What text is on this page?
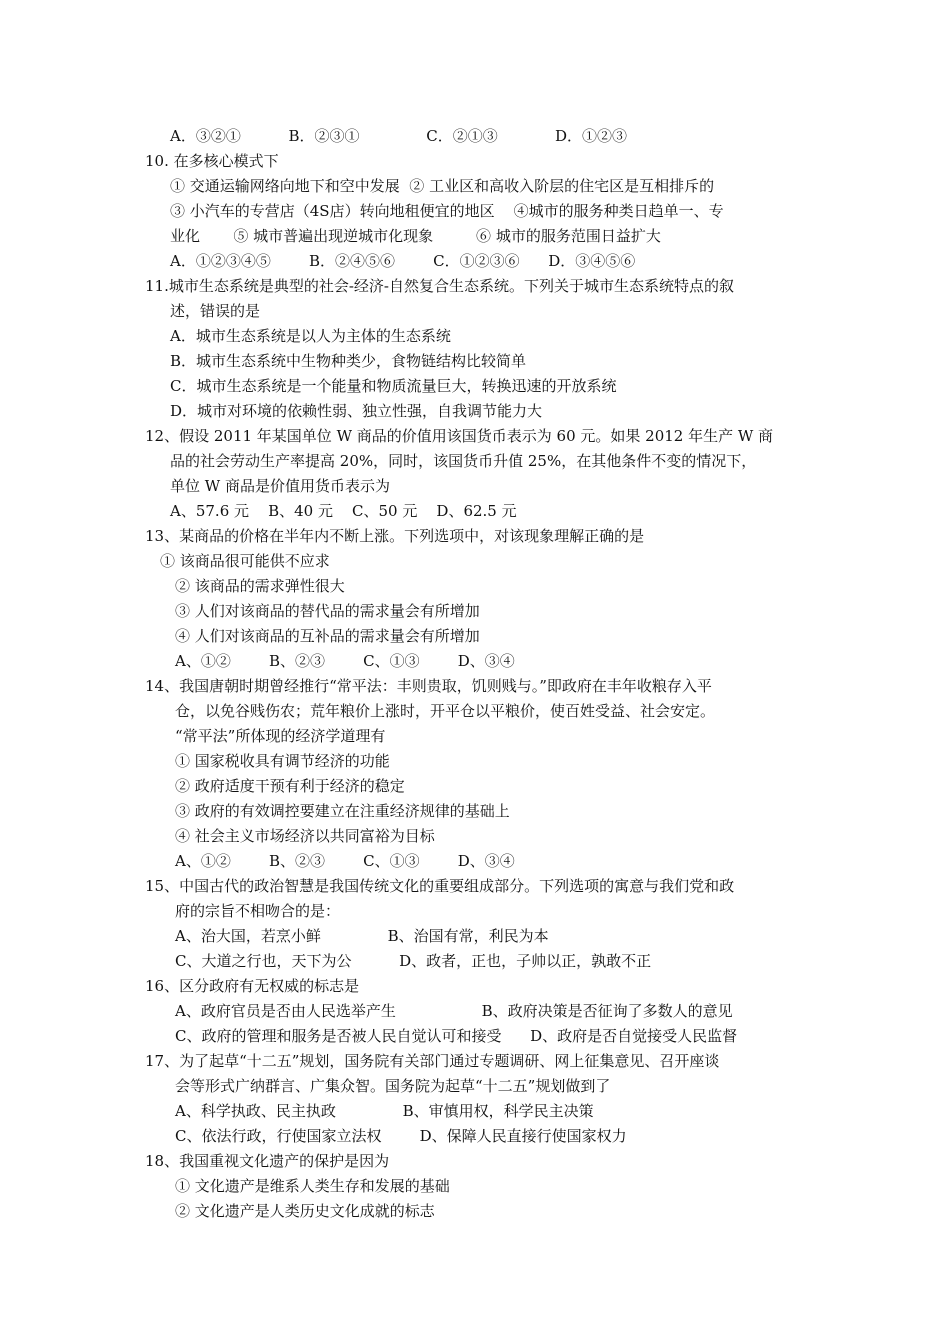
A．③②①          B．②③①              C．②①③            D．①②③
10. 在多核心模式下
① 交通运输网络向地下和空中发展  ② 工业区和高收入阶层的住宅区是互相排斥的
③ 小汽车的专营店（4S店）转向地租便宜的地区    ④城市的服务种类日趋单一、专
业化       ⑤ 城市普遍出现逆城市化现象         ⑥ 城市的服务范围日益扩大
A．①②③④⑤        B．②④⑤⑥        C．①②③⑥      D．③④⑤⑥
11.城市生态系统是典型的社会-经济-自然复合生态系统。下列关于城市生态系统特点的叙
述，错误的是
A．城市生态系统是以人为主体的生态系统
B．城市生态系统中生物种类少，食物链结构比较简单
C．城市生态系统是一个能量和物质流量巨大，转换迅速的开放系统
D．城市对环境的依赖性弱、独立性强，自我调节能力大
12、假设 2011 年某国单位 W 商品的价值用该国货币表示为 60 元。如果 2012 年生产 W 商
品的社会劳动生产率提高 20%，同时，该国货币升值 25%，在其他条件不变的情况下，
单位 W 商品是价值用货币表示为
A、57.6 元    B、40 元    C、50 元    D、62.5 元
13、某商品的价格在半年内不断上涨。下列选项中，对该现象理解正确的是
① 该商品很可能供不应求
② 该商品的需求弹性很大
③ 人们对该商品的替代品的需求量会有所增加
④ 人们对该商品的互补品的需求量会有所增加
A、①②        B、②③        C、①③        D、③④
14、我国唐朝时期曾经推行“常平法：丰则贵取，饥则贱与。”即政府在丰年收粮存入平
仓，以免谷贱伤农；荒年粮价上涨时，开平仓以平粮价，使百姓受益、社会安定。
“常平法”所体现的经济学道理有
① 国家税收具有调节经济的功能
② 政府适度干预有利于经济的稳定
③ 政府的有效调控要建立在注重经济规律的基础上
④ 社会主义市场经济以共同富裕为目标
A、①②        B、②③        C、①③        D、③④
15、中国古代的政治智慧是我国传统文化的重要组成部分。下列选项的寓意与我们党和政
府的宗旨不相吻合的是：
A、治大国，若烹小鲜              B、治国有常，利民为本
C、大道之行也，天下为公          D、政者，正也，子帅以正，孰敢不正
16、区分政府有无权威的标志是
A、政府官员是否由人民选举产生                  B、政府决策是否征询了多数人的意见
C、政府的管理和服务是否被人民自觉认可和接受      D、政府是否自觉接受人民监督
17、为了起草“十二五”规划，国务院有关部门通过专题调研、网上征集意见、召开座谈
会等形式广纳群言、广集众智。国务院为起草“十二五”规划做到了
A、科学执政、民主执政              B、审慎用权，科学民主决策
C、依法行政，行使国家立法权        D、保障人民直接行使国家权力
18、我国重视文化遗产的保护是因为
① 文化遗产是维系人类生存和发展的基础
② 文化遗产是人类历史文化成就的标志
